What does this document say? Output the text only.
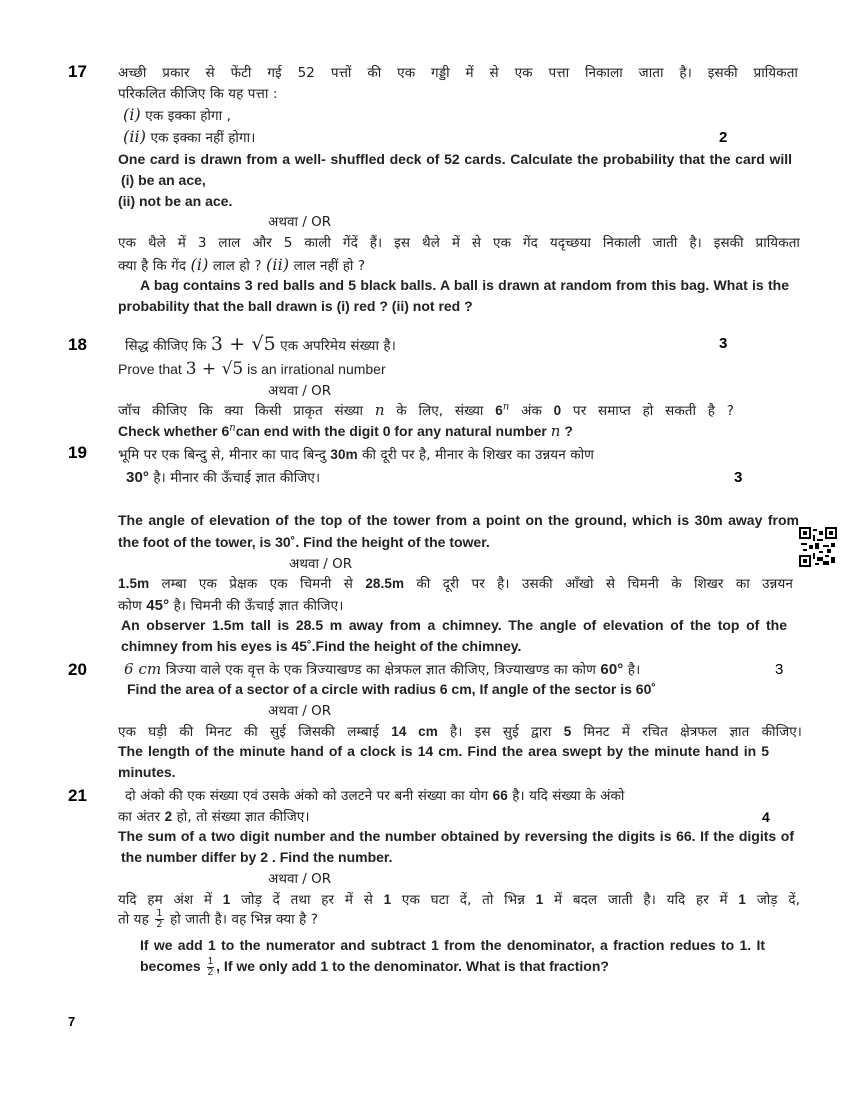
17 अच्छी प्रकार से फेंटी गई 52 पत्तों की एक गड्डी में से एक पत्ता निकाला जाता है। इसकी प्रायिकता
परिकलित कीजिए कि यह पत्ता :
(i) एक इक्का होगा ,
(ii) एक इक्का नहीं होगा।	2
One card is drawn from a well- shuffled deck of 52 cards. Calculate the probability that the card will
(i) be an ace,
(ii) not be an ace.
अथवा / OR
एक थैले में 3 लाल और 5 काली गेंदें हैं। इस थैले में से एक गेंद यदृच्छया निकाली जाती है। इसकी प्रायिकता
क्या है कि गेंद (i) लाल हो ? (ii) लाल नहीं हो ?
A bag contains 3 red balls and 5 black balls. A ball is drawn at random from this bag. What is the
probability that the ball drawn is (i) red ? (ii) not red ?
18	सिद्ध कीजिए कि 3 + √5 एक अपरिमेय संख्या है।	3
Prove that 3 + √5 is an irrational number
अथवा / OR
जॉच कीजिए कि क्या किसी प्राकृत संख्या n के लिए, संख्या 6$^n$ अंक 0 पर समाप्त हो सकती है ?
Check whether 6$^n$can end with the digit 0 for any natural number n ?
19 भूमि पर एक बिन्दु से, मीनार का पाद बिन्दु 30m की दूरी पर है, मीनार के शिखर का उन्नयन कोण
30° है। मीनार की ऊँचाई ज्ञात कीजिए।	3
The angle of elevation of the top of the tower from a point on the ground, which is 30m away from
the foot of the tower, is 30˚. Find the height of the tower.
अथवा / OR
1.5m लम्बा एक प्रेक्षक एक चिमनी से 28.5m की दूरी पर है। उसकी आँखो से चिमनी के शिखर का उन्नयन
कोण 45° है। चिमनी की ऊँचाई ज्ञात कीजिए।
An observer 1.5m tall is 28.5 m away from a chimney. The angle of elevation of the top of the
chimney from his eyes is 45˚.Find the height of the chimney.
20 6 cm त्रिज्या वाले एक वृत्त के एक त्रिज्याखण्ड का क्षेत्रफल ज्ञात कीजिए, त्रिज्याखण्ड का कोण 60° है।	3
Find the area of a sector of a circle with radius 6 cm, If angle of the sector is 60˚
अथवा / OR
एक घड़ी की मिनट की सुई जिसकी लम्बाई 14 cm है। इस सुई द्वारा 5 मिनट में रचित क्षेत्रफल ज्ञात कीजिए।
The length of the minute hand of a clock is 14 cm. Find the area swept by the minute hand in 5
minutes.
21	दो अंको की एक संख्या एवं उसके अंको को उलटने पर बनी संख्या का योग 66 है। यदि संख्या के अंको
का अंतर 2 हो, तो संख्या ज्ञात कीजिए।	4
The sum of a two digit number and the number obtained by reversing the digits is 66. If the digits of
the number differ by 2 . Find the number.
अथवा / OR
यदि हम अंश में 1 जोड़ दें तथा हर में से 1 एक घटा दें, तो भिन्न 1 में बदल जाती है। यदि हर में 1 जोड़ दें,
तो यह $\frac{1}{2}$ हो जाती है। वह भिन्न क्या है ?
If we add 1 to the numerator and subtract 1 from the denominator, a fraction redues to 1. It
becomes $\frac{1}{2}$ , If we only add 1 to the denominator. What is that fraction?
7
